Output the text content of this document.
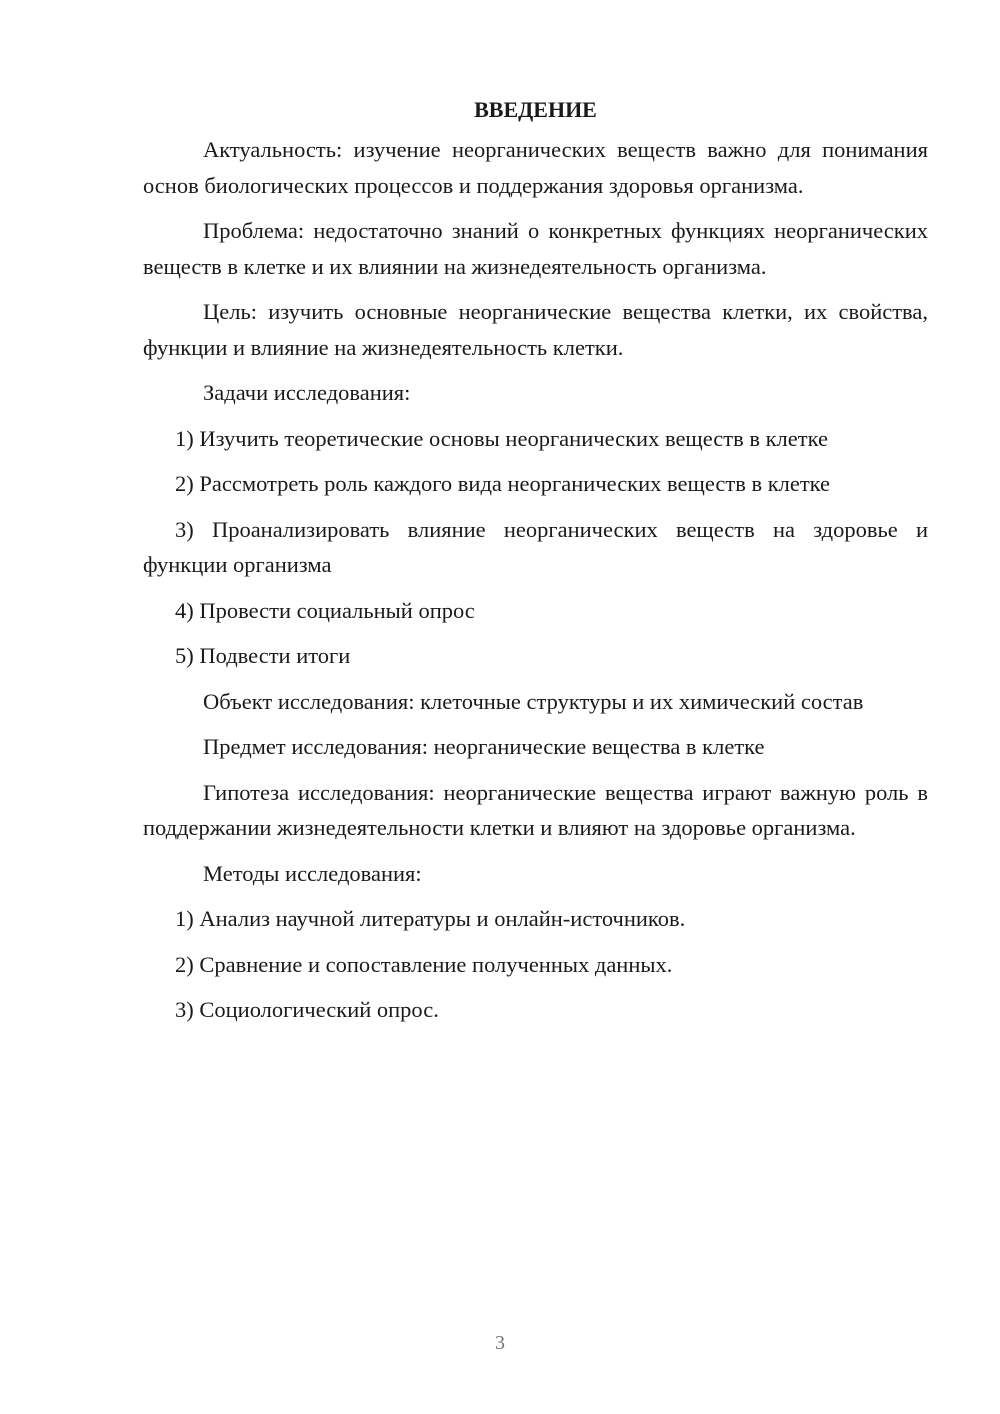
ВВЕДЕНИЕ

Актуальность: изучение неорганических веществ важно для понимания основ биологических процессов и поддержания здоровья организма.

Проблема: недостаточно знаний о конкретных функциях неорганических веществ в клетке и их влиянии на жизнедеятельность организма.

Цель: изучить основные неорганические вещества клетки, их свойства, функции и влияние на жизнедеятельность клетки.

Задачи исследования:

1) Изучить теоретические основы неорганических веществ в клетке

2) Рассмотреть роль каждого вида неорганических веществ в клетке

3) Проанализировать влияние неорганических веществ на здоровье и функции организма

4) Провести социальный опрос

5) Подвести итоги

Объект исследования: клеточные структуры и их химический состав

Предмет исследования: неорганические вещества в клетке

Гипотеза исследования: неорганические вещества играют важную роль в поддержании жизнедеятельности клетки и влияют на здоровье организма.

Методы исследования:

1) Анализ научной литературы и онлайн-источников.

2) Сравнение и сопоставление полученных данных.

3) Социологический опрос.

3
